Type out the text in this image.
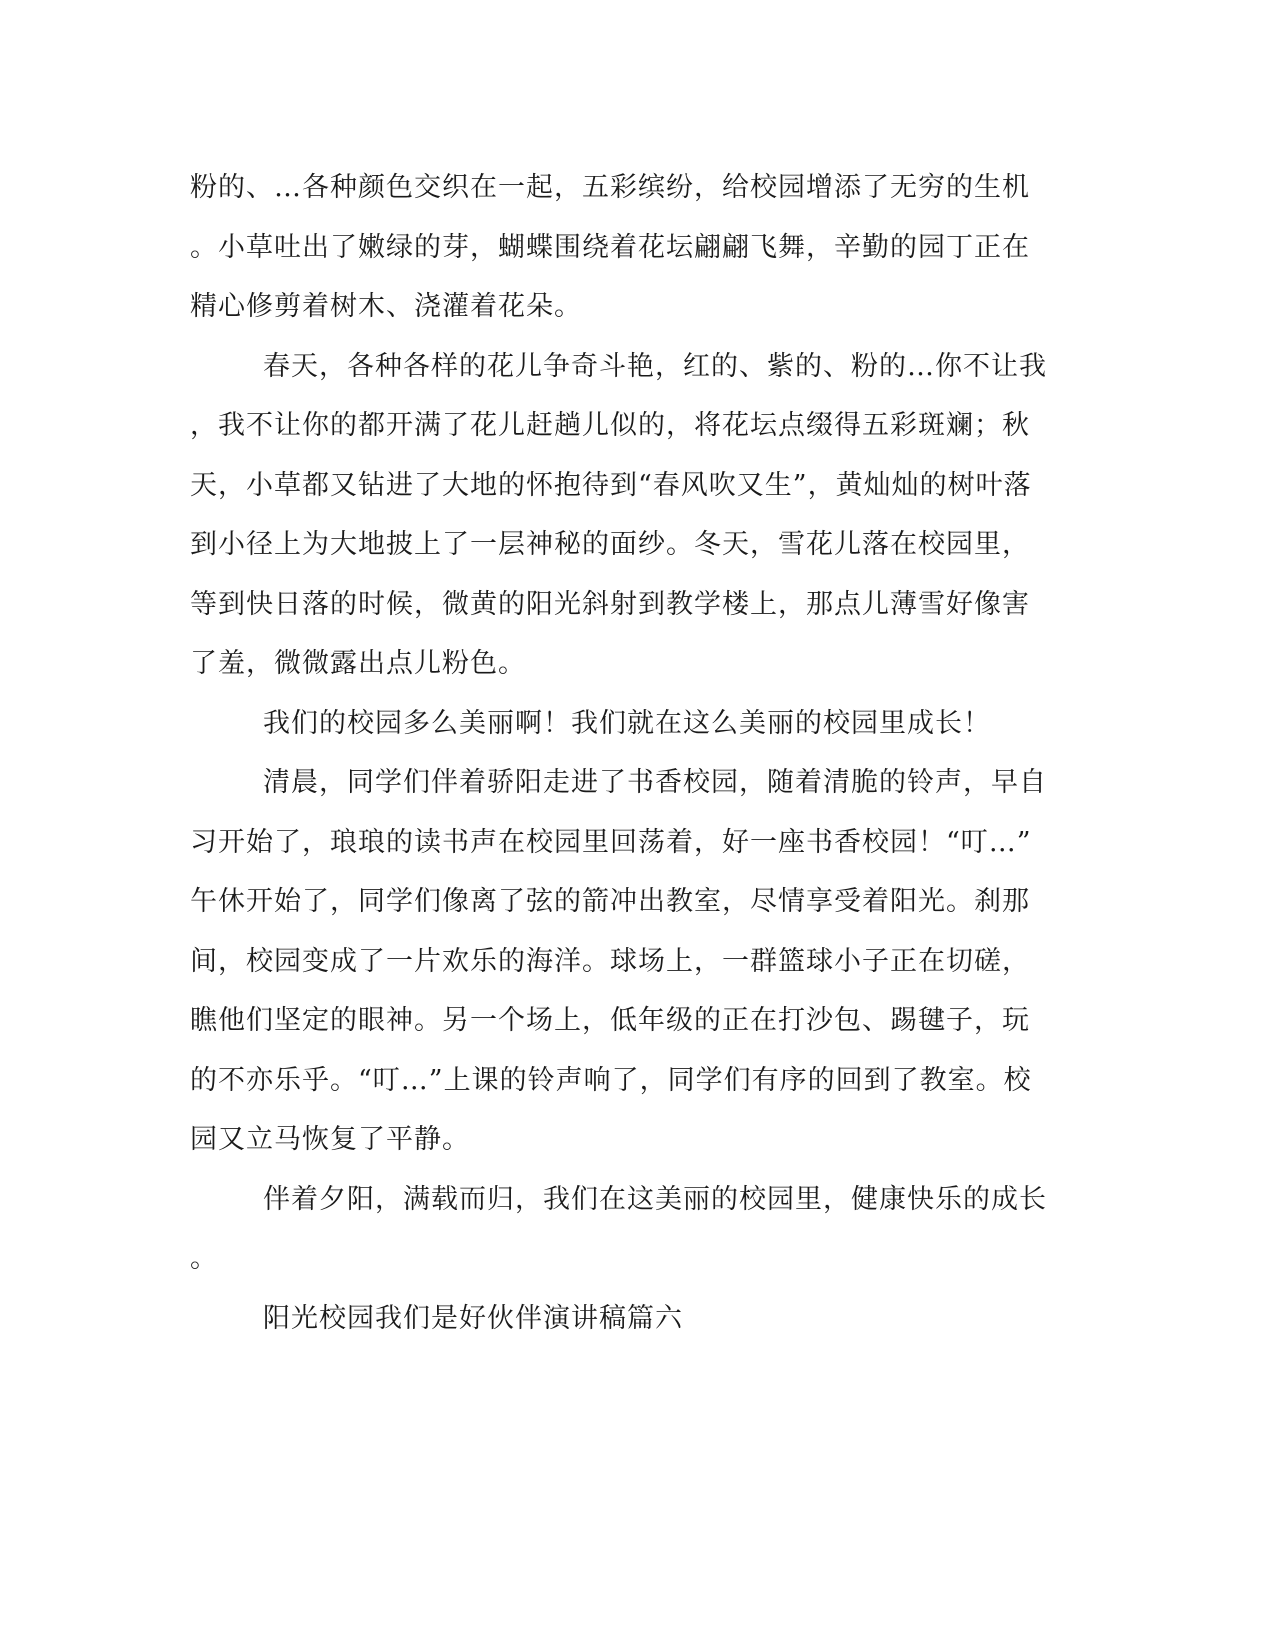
粉的、…各种颜色交织在一起，五彩缤纷，给校园增添了无穷的生机
。小草吐出了嫩绿的芽，蝴蝶围绕着花坛翩翩飞舞，辛勤的园丁正在
精心修剪着树木、浇灌着花朵。
春天，各种各样的花儿争奇斗艳，红的、紫的、粉的…你不让我
，我不让你的都开满了花儿赶趟儿似的，将花坛点缀得五彩斑斓；秋
天，小草都又钻进了大地的怀抱待到“春风吹又生”，黄灿灿的树叶落
到小径上为大地披上了一层神秘的面纱。冬天，雪花儿落在校园里，
等到快日落的时候，微黄的阳光斜射到教学楼上，那点儿薄雪好像害
了羞，微微露出点儿粉色。
我们的校园多么美丽啊！我们就在这么美丽的校园里成长！
清晨，同学们伴着骄阳走进了书香校园，随着清脆的铃声，早自
习开始了，琅琅的读书声在校园里回荡着，好一座书香校园！“叮…”
午休开始了，同学们像离了弦的箭冲出教室，尽情享受着阳光。刹那
间，校园变成了一片欢乐的海洋。球场上，一群篮球小子正在切磋，
瞧他们坚定的眼神。另一个场上，低年级的正在打沙包、踢毽子，玩
的不亦乐乎。“叮…”上课的铃声响了，同学们有序的回到了教室。校
园又立马恢复了平静。
伴着夕阳，满载而归，我们在这美丽的校园里，健康快乐的成长
。
阳光校园我们是好伙伴演讲稿篇六
